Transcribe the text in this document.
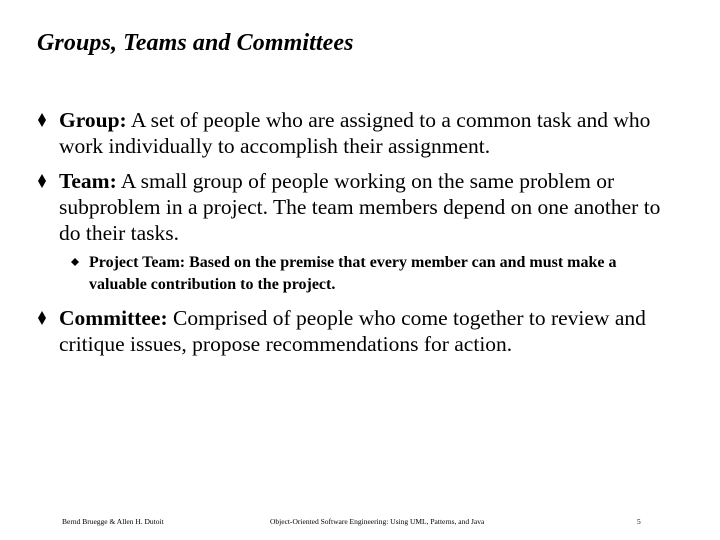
Groups, Teams and Committees
Group: A set of people who are assigned to a common task and who work individually to accomplish their assignment.
Team: A small group of people working on the same problem or subproblem in a project. The team members depend on one another to do their tasks.
Project Team: Based on the premise that every member can and must make a valuable contribution to the project.
Committee: Comprised of people who come together to review and critique issues, propose recommendations for action.
Bernd Bruegge & Allen H. Dutoit	Object-Oriented Software Engineering: Using UML, Patterns, and Java	5
